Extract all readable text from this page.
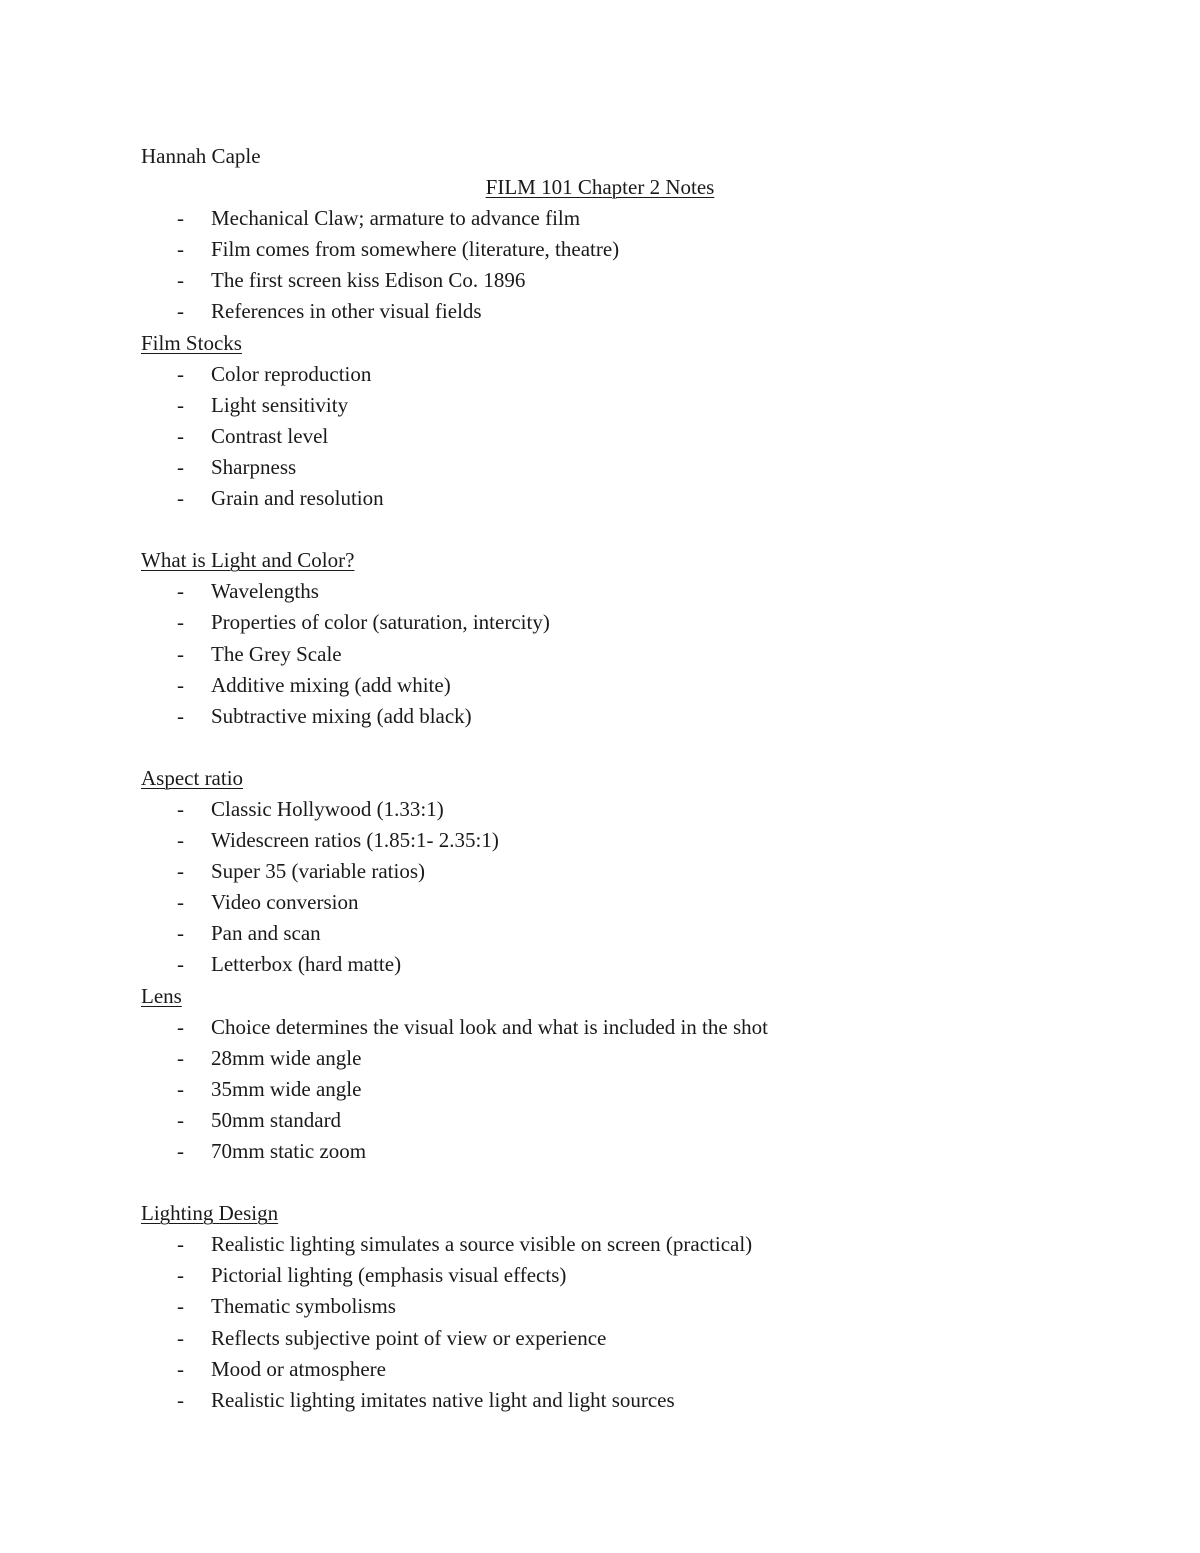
Hannah Caple
FILM 101 Chapter 2 Notes
- Mechanical Claw; armature to advance film
- Film comes from somewhere (literature, theatre)
- The first screen kiss Edison Co. 1896
- References in other visual fields
Film Stocks
- Color reproduction
- Light sensitivity
- Contrast level
- Sharpness
- Grain and resolution
What is Light and Color?
- Wavelengths
- Properties of color (saturation, intercity)
- The Grey Scale
- Additive mixing (add white)
- Subtractive mixing (add black)
Aspect ratio
- Classic Hollywood (1.33:1)
- Widescreen ratios (1.85:1- 2.35:1)
- Super 35 (variable ratios)
- Video conversion
- Pan and scan
- Letterbox (hard matte)
Lens
- Choice determines the visual look and what is included in the shot
- 28mm wide angle
- 35mm wide angle
- 50mm standard
- 70mm static zoom
Lighting Design
- Realistic lighting simulates a source visible on screen (practical)
- Pictorial lighting (emphasis visual effects)
- Thematic symbolisms
- Reflects subjective point of view or experience
- Mood or atmosphere
- Realistic lighting imitates native light and light sources
